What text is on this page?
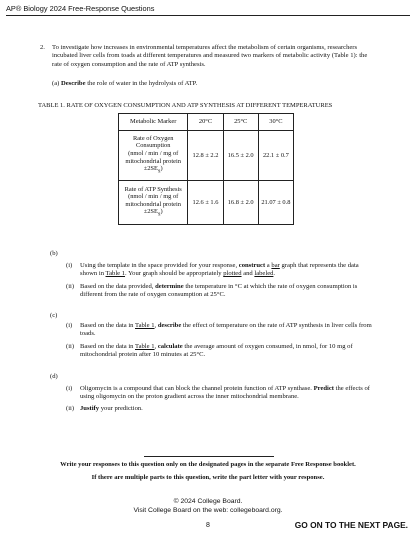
AP® Biology 2024 Free-Response Questions
2.	To investigate how increases in environmental temperatures affect the metabolism of certain organisms, researchers incubated liver cells from toads at different temperatures and measured two markers of metabolic activity (Table 1): the rate of oxygen consumption and the rate of ATP synthesis.
(a) Describe the role of water in the hydrolysis of ATP.
TABLE 1. RATE OF OXYGEN CONSUMPTION AND ATP SYNTHESIS AT DIFFERENT TEMPERATURES
Metabolic Marker	20°C	25°C	30°C

Rate of Oxygen
Consumption
(nmol / min / mg of
mitochondrial protein
$\pm 2SE_{x̄}$)	12.8 ± 2.2	16.5 ± 2.0	22.1 ± 0.7

Rate of ATP Synthesis
(nmol / min / mg of
mitochondrial protein
$\pm 2SE_{x̄}$)	12.6 ± 1.6	16.8 ± 2.0	21.07 ± 0.8
(b)
(i)	Using the template in the space provided for your response, construct a bar graph that represents the data shown in Table 1. Your graph should be appropriately plotted and labeled.
(ii) Based on the data provided, determine the temperature in °C at which the rate of oxygen consumption is different from the rate of oxygen consumption at 25°C.
(c)
(i)	Based on the data in Table 1, describe the effect of temperature on the rate of ATP synthesis in liver cells from toads.
(ii) Based on the data in Table 1, calculate the average amount of oxygen consumed, in nmol, for 10 mg of mitochondrial protein after 10 minutes at 25°C.
(d)
(i)	Oligomycin is a compound that can block the channel protein function of ATP synthase. Predict the effects of using oligomycin on the proton gradient across the inner mitochondrial membrane.
(ii) Justify your prediction.
Write your responses to this question only on the designated pages in the separate Free Response booklet.
If there are multiple parts to this question, write the part letter with your response.
© 2024 College Board.
Visit College Board on the web: collegeboard.org.
8	GO ON TO THE NEXT PAGE.
